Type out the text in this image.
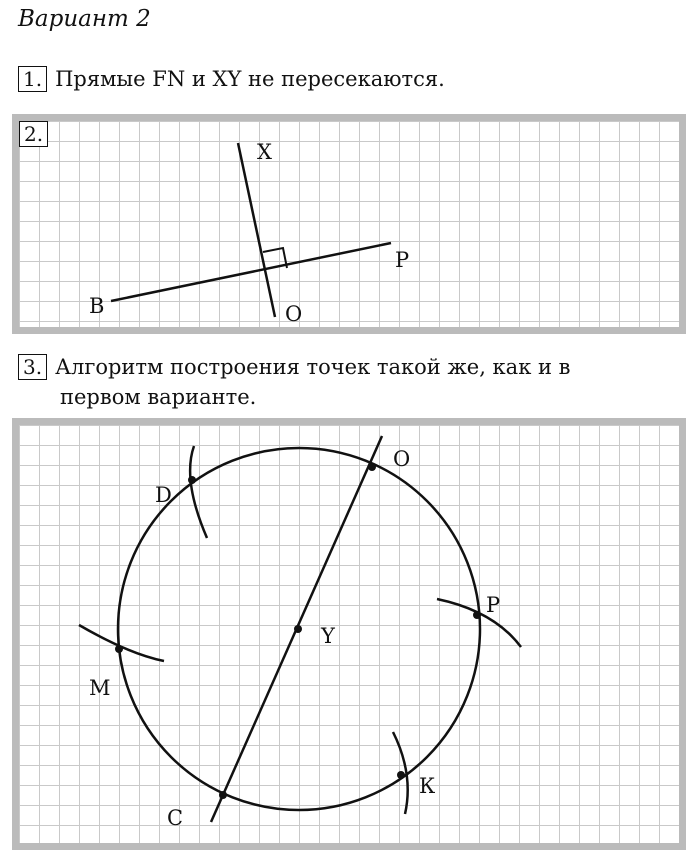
Вариант 2
1. Прямые FN и XY не пересекаются.
2.
X
P
B	O
3. Алгоритм построения точек такой же, как и в
первом варианте.
O
D
P
Y
M
К
C
